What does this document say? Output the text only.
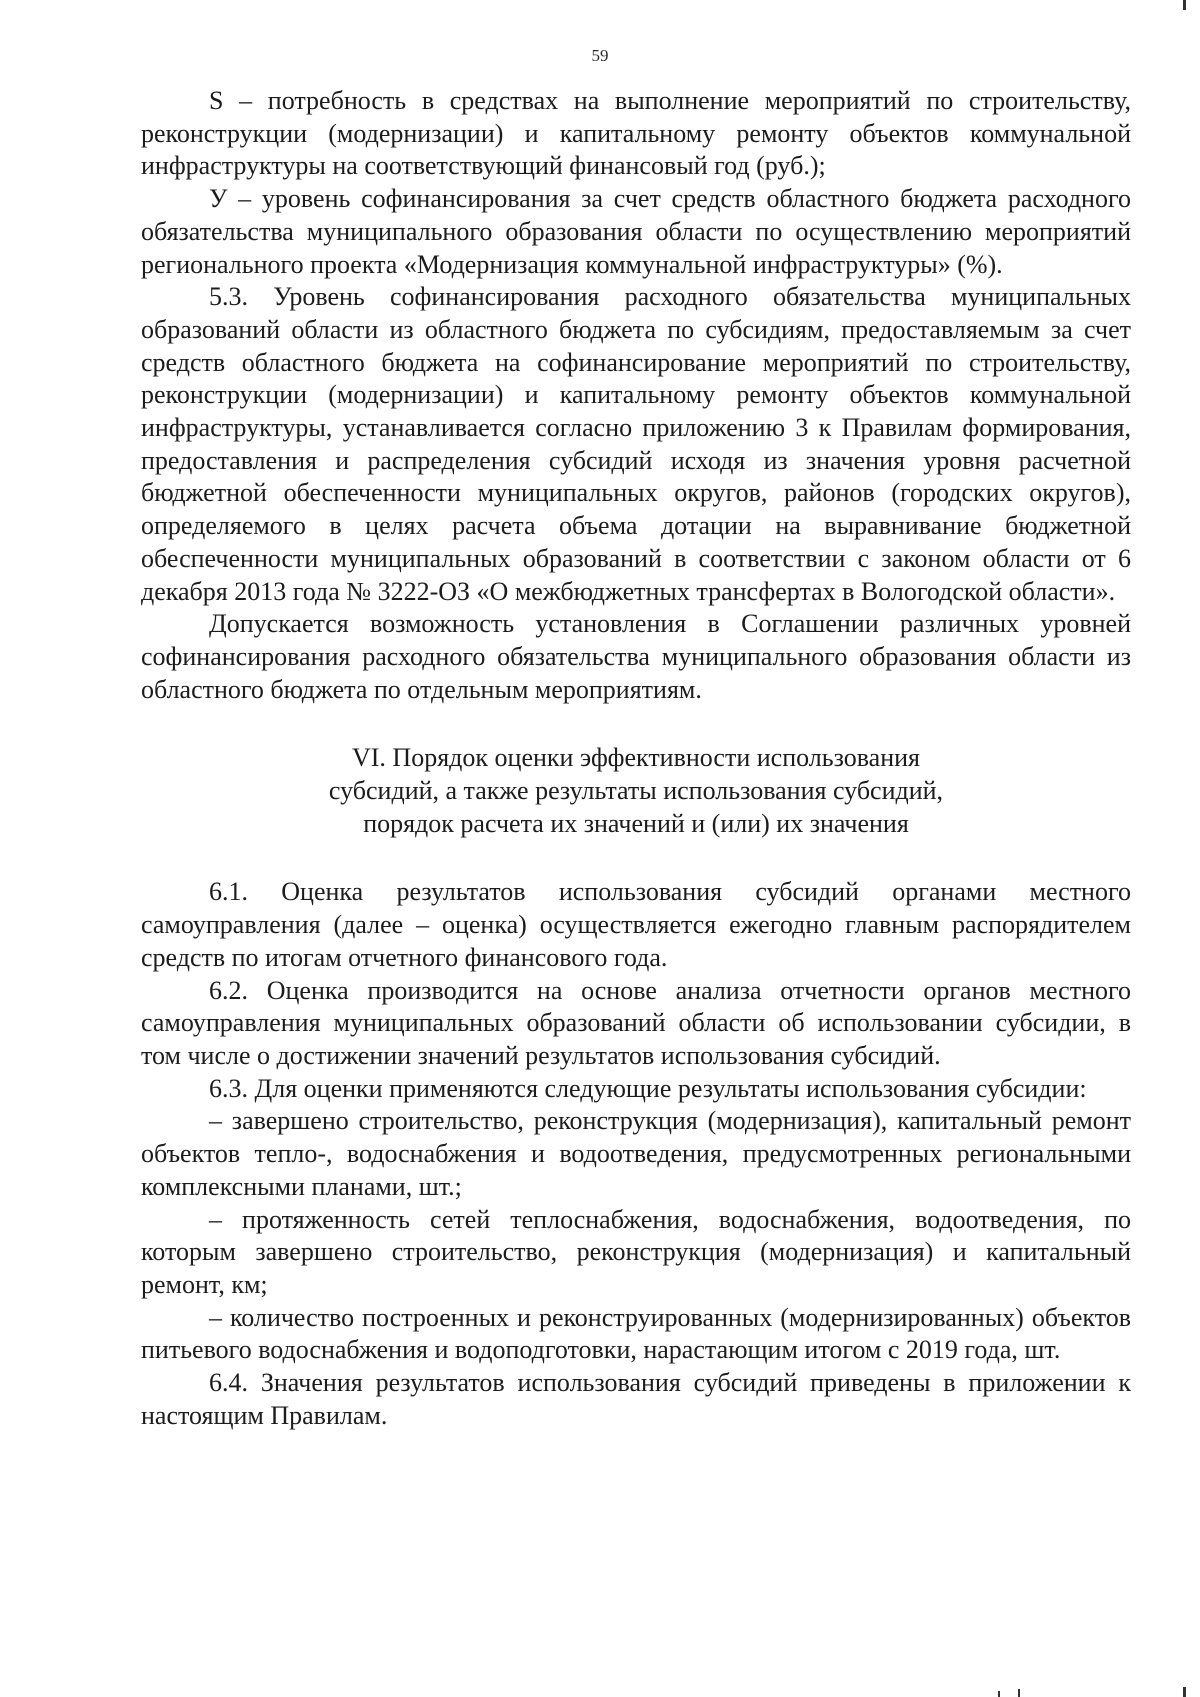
59

S – потребность в средствах на выполнение мероприятий по строительству, реконструкции (модернизации) и капитальному ремонту объектов коммунальной инфраструктуры на соответствующий финансовый год (руб.);

У – уровень софинансирования за счет средств областного бюджета расходного обязательства муниципального образования области по осуществлению мероприятий регионального проекта «Модернизация коммунальной инфраструктуры» (%).

5.3. Уровень софинансирования расходного обязательства муниципальных образований области из областного бюджета по субсидиям, предоставляемым за счет средств областного бюджета на софинансирование мероприятий по строительству, реконструкции (модернизации) и капитальному ремонту объектов коммунальной инфраструктуры, устанавливается согласно приложению 3 к Правилам формирования, предоставления и распределения субсидий исходя из значения уровня расчетной бюджетной обеспеченности муниципальных округов, районов (городских округов), определяемого в целях расчета объема дотации на выравнивание бюджетной обеспеченности муниципальных образований в соответствии с законом области от 6 декабря 2013 года № 3222-ОЗ «О межбюджетных трансфертах в Вологодской области».

Допускается возможность установления в Соглашении различных уровней софинансирования расходного обязательства муниципального образования области из областного бюджета по отдельным мероприятиям.

VI. Порядок оценки эффективности использования
субсидий, а также результаты использования субсидий,
порядок расчета их значений и (или) их значения

6.1. Оценка результатов использования субсидий органами местного самоуправления (далее – оценка) осуществляется ежегодно главным распорядителем средств по итогам отчетного финансового года.

6.2. Оценка производится на основе анализа отчетности органов местного самоуправления муниципальных образований области об использовании субсидии, в том числе о достижении значений результатов использования субсидий.

6.3. Для оценки применяются следующие результаты использования субсидии:

– завершено строительство, реконструкция (модернизация), капитальный ремонт объектов тепло-, водоснабжения и водоотведения, предусмотренных региональными комплексными планами, шт.;

– протяженность сетей теплоснабжения, водоснабжения, водоотведения, по которым завершено строительство, реконструкция (модернизация) и капитальный ремонт, км;

– количество построенных и реконструированных (модернизированных) объектов питьевого водоснабжения и водоподготовки, нарастающим итогом с 2019 года, шт.

6.4. Значения результатов использования субсидий приведены в приложении к настоящим Правилам.
